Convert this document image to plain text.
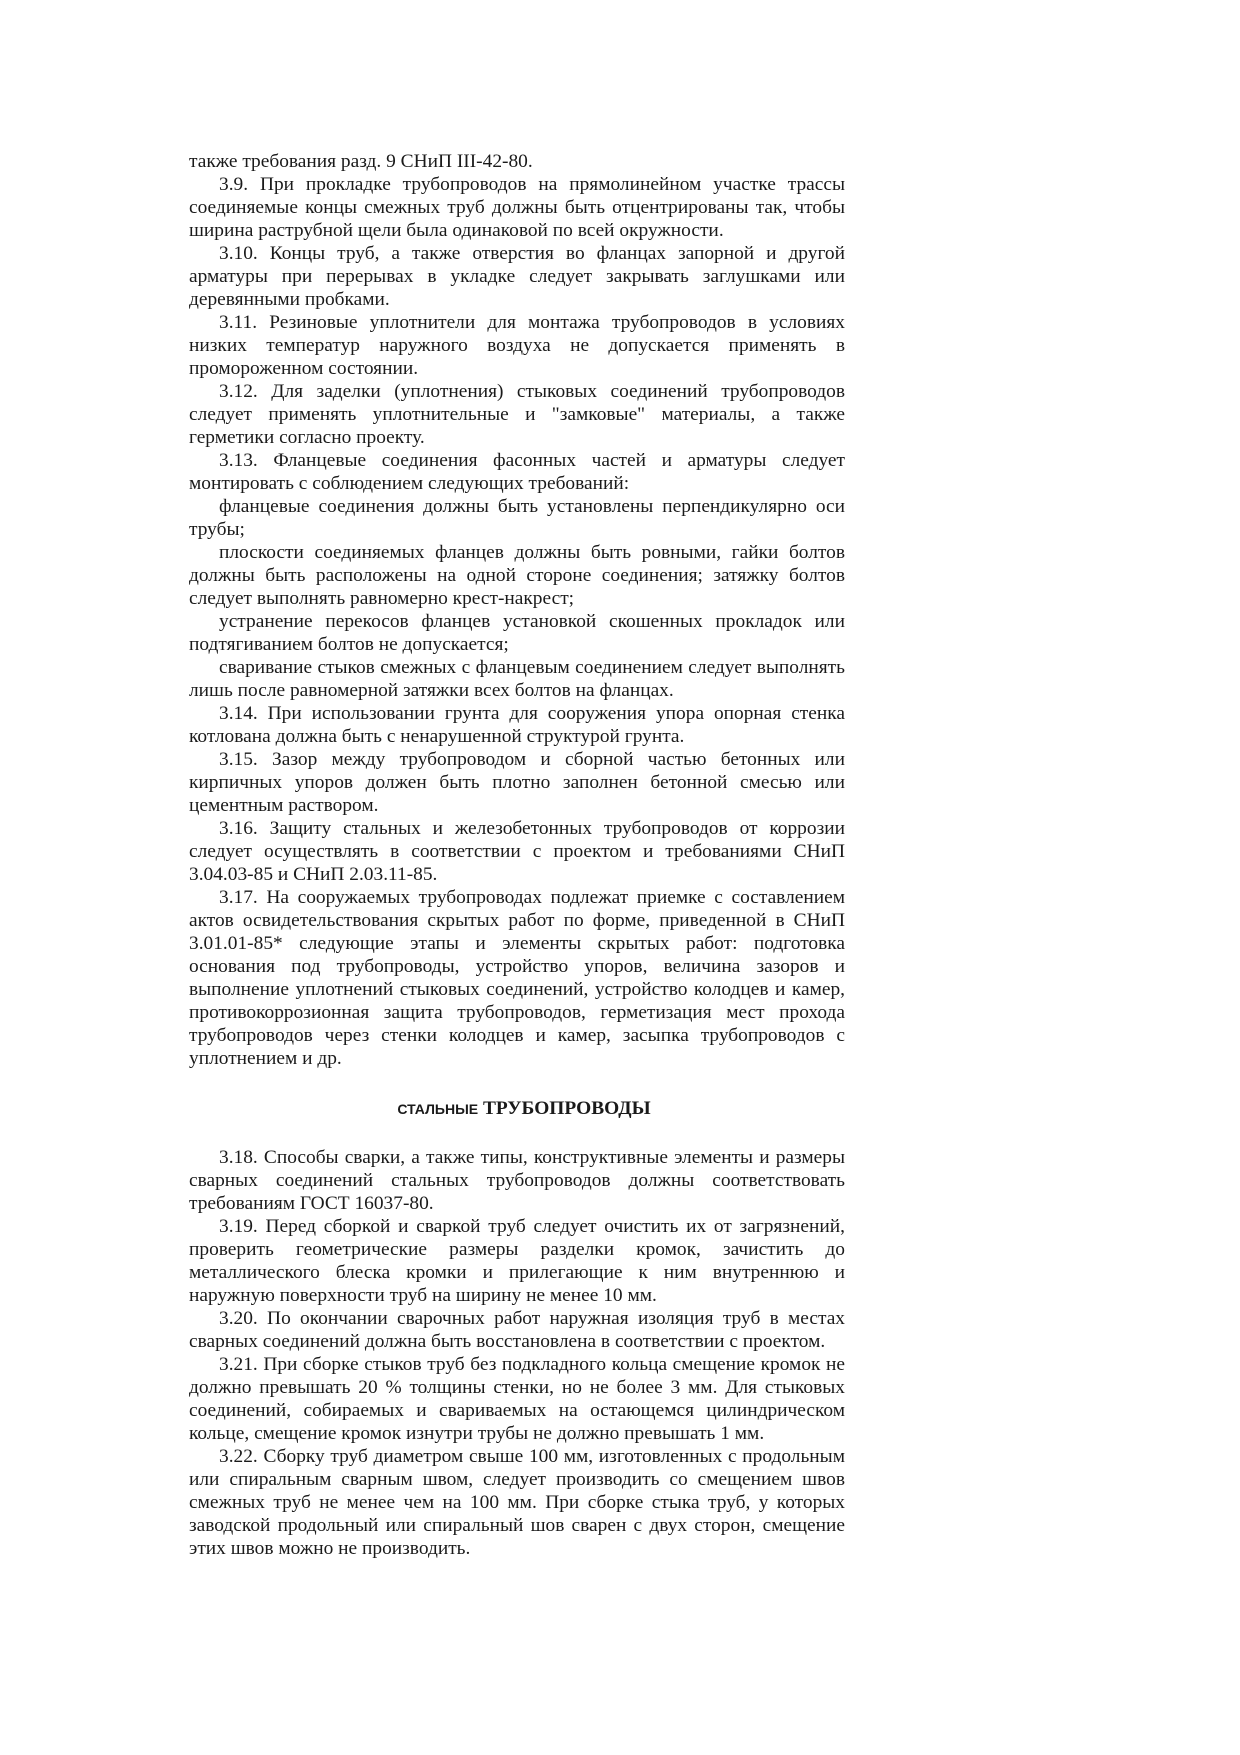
также требования разд. 9 СНиП III-42-80.

3.9. При прокладке трубопроводов на прямолинейном участке трассы соединяемые концы смежных труб должны быть отцентрированы так, чтобы ширина раструбной щели была одинаковой по всей окружности.

3.10. Концы труб, а также отверстия во фланцах запорной и другой арматуры при перерывах в укладке следует закрывать заглушками или деревянными пробками.

3.11. Резиновые уплотнители для монтажа трубопроводов в условиях низких температур наружного воздуха не допускается применять в промороженном состоянии.

3.12. Для заделки (уплотнения) стыковых соединений трубопроводов следует применять уплотнительные и "замковые" материалы, а также герметики согласно проекту.

3.13. Фланцевые соединения фасонных частей и арматуры следует монтировать с соблюдением следующих требований:

фланцевые соединения должны быть установлены перпендикулярно оси трубы;

плоскости соединяемых фланцев должны быть ровными, гайки болтов должны быть расположены на одной стороне соединения; затяжку болтов следует выполнять равномерно крест-накрест;

устранение перекосов фланцев установкой скошенных прокладок или подтягиванием болтов не допускается;

сваривание стыков смежных с фланцевым соединением следует выполнять лишь после равномерной затяжки всех болтов на фланцах.

3.14. При использовании грунта для сооружения упора опорная стенка котлована должна быть с ненарушенной структурой грунта.

3.15. Зазор между трубопроводом и сборной частью бетонных или кирпичных упоров должен быть плотно заполнен бетонной смесью или цементным раствором.

3.16. Защиту стальных и железобетонных трубопроводов от коррозии следует осуществлять в соответствии с проектом и требованиями СНиП 3.04.03-85 и СНиП 2.03.11-85.

3.17. На сооружаемых трубопроводах подлежат приемке с составлением актов освидетельствования скрытых работ по форме, приведенной в СНиП 3.01.01-85* следующие этапы и элементы скрытых работ: подготовка основания под трубопроводы, устройство упоров, величина зазоров и выполнение уплотнений стыковых соединений, устройство колодцев и камер, противокоррозионная защита трубопроводов, герметизация мест прохода трубопроводов через стенки колодцев и камер, засыпка трубопроводов с уплотнением и др.

СТАЛЬНЫЕ ТРУБОПРОВОДЫ

3.18. Способы сварки, а также типы, конструктивные элементы и размеры сварных соединений стальных трубопроводов должны соответствовать требованиям ГОСТ 16037-80.

3.19. Перед сборкой и сваркой труб следует очистить их от загрязнений, проверить геометрические размеры разделки кромок, зачистить до металлического блеска кромки и прилегающие к ним внутреннюю и наружную поверхности труб на ширину не менее 10 мм.

3.20. По окончании сварочных работ наружная изоляция труб в местах сварных соединений должна быть восстановлена в соответствии с проектом.

3.21. При сборке стыков труб без подкладного кольца смещение кромок не должно превышать 20 % толщины стенки, но не более 3 мм. Для стыковых соединений, собираемых и свариваемых на остающемся цилиндрическом кольце, смещение кромок изнутри трубы не должно превышать 1 мм.

3.22. Сборку труб диаметром свыше 100 мм, изготовленных с продольным или спиральным сварным швом, следует производить со смещением швов смежных труб не менее чем на 100 мм. При сборке стыка труб, у которых заводской продольный или спиральный шов сварен с двух сторон, смещение этих швов можно не производить.
